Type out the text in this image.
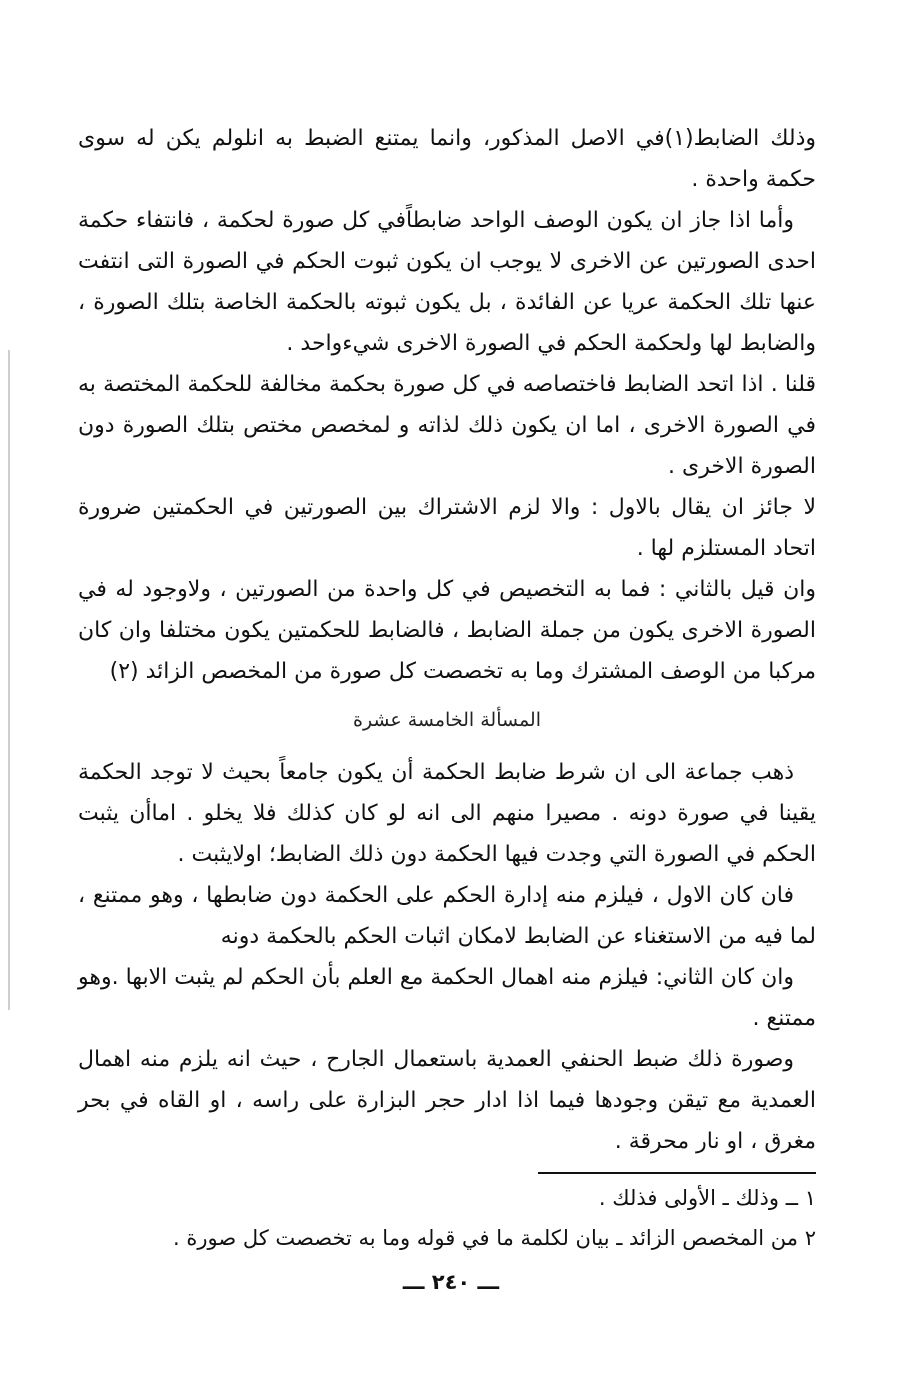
وذلك الضابط(١)في الاصل المذكور، وانما يمتنع الضبط به انلولم يكن له سوى حكمة واحدة .

وأما اذا جاز ان يكون الوصف الواحد ضابطاًفي كل صورة لحكمة ، فانتفاء حكمة احدى الصورتين عن الاخرى لا يوجب ان يكون ثبوت الحكم في الصورة التى انتفت عنها تلك الحكمة عريا عن الفائدة ، بل يكون ثبوته بالحكمة الخاصة بتلك الصورة ، والضابط لها ولحكمة الحكم في الصورة الاخرى شيءواحد .

قلنا . اذا اتحد الضابط فاختصاصه في كل صورة بحكمة مخالفة للحكمة المختصة به في الصورة الاخرى ، اما ان يكون ذلك لذاته و لمخصص مختص بتلك الصورة دون الصورة الاخرى .

لا جائز ان يقال بالاول : والا لزم الاشتراك بين الصورتين في الحكمتين ضرورة اتحاد المستلزم لها .

وان قيل بالثاني : فما به التخصيص في كل واحدة من الصورتين ، ولاوجود له في الصورة الاخرى يكون من جملة الضابط ، فالضابط للحكمتين يكون مختلفا وان كان مركبا من الوصف المشترك وما به تخصصت كل صورة من المخصص الزائد (٢)

المسألة الخامسة عشرة

ذهب جماعة الى ان شرط ضابط الحكمة أن يكون جامعاً بحيث لا توجد الحكمة يقينا في صورة دونه . مصيرا منهم الى انه لو كان كذلك فلا يخلو . اماأن يثبت الحكم في الصورة التي وجدت فيها الحكمة دون ذلك الضابط؛ اولايثبت .

فان كان الاول ، فيلزم منه إدارة الحكم على الحكمة دون ضابطها ، وهو ممتنع ، لما فيه من الاستغناء عن الضابط لامكان اثبات الحكم بالحكمة دونه

وان كان الثاني: فيلزم منه اهمال الحكمة مع العلم بأن الحكم لم يثبت الابها .وهو ممتنع .

وصورة ذلك ضبط الحنفي العمدية باستعمال الجارح ، حيث انه يلزم منه اهمال العمدية مع تيقن وجودها فيما اذا ادار حجر البزارة على راسه ، او القاه في بحر مغرق ، او نار محرقة .

١ ــ وذلك ـ الأولى فذلك .

٢ من المخصص الزائد ـ بيان لكلمة ما في قوله وما به تخصصت كل صورة .

ـــ ٢٤٠ ـــ
